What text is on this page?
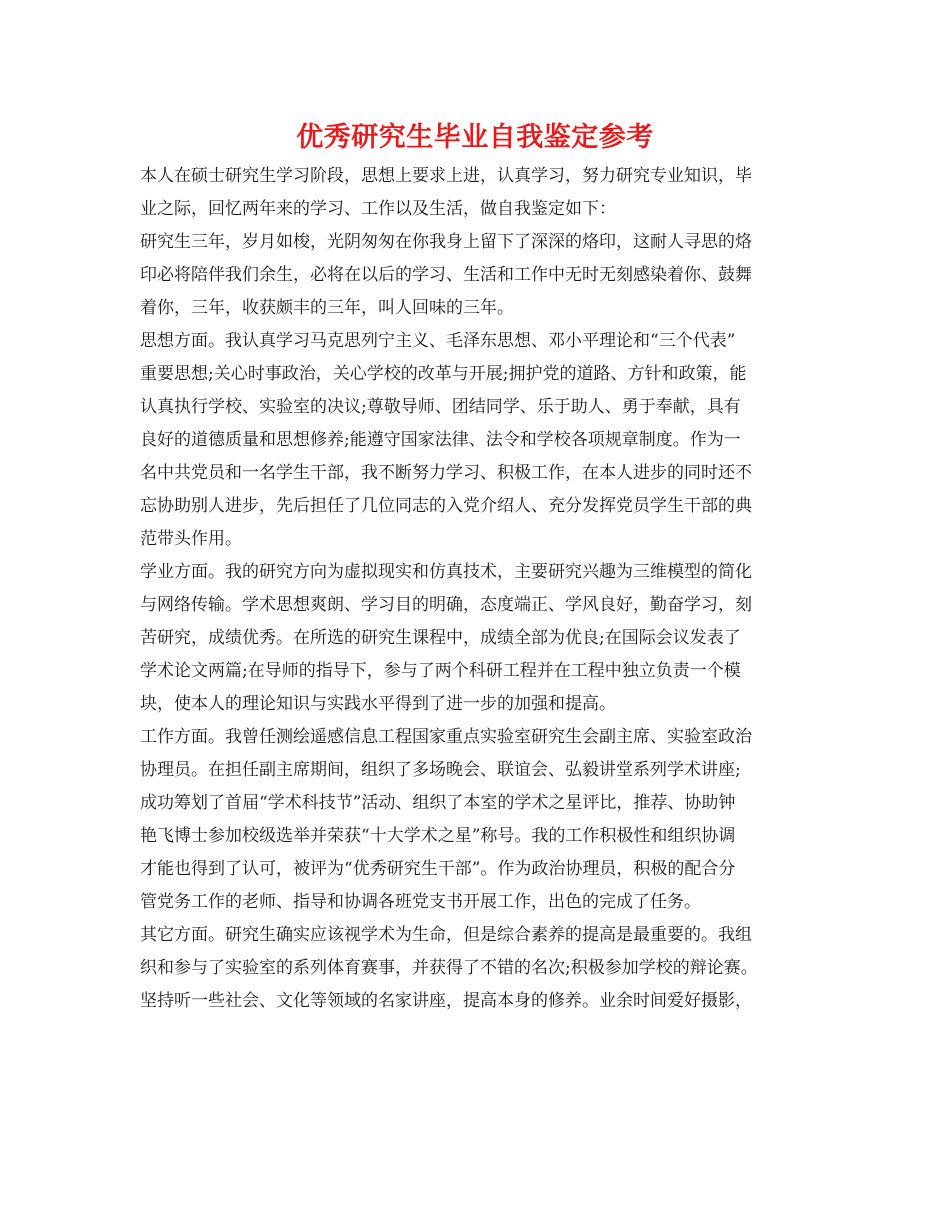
优秀研究生毕业自我鉴定参考
本人在硕士研究生学习阶段，思想上要求上进，认真学习，努力研究专业知识，毕
业之际，回忆两年来的学习、工作以及生活，做自我鉴定如下：
研究生三年，岁月如梭，光阴匆匆在你我身上留下了深深的烙印，这耐人寻思的烙
印必将陪伴我们余生，必将在以后的学习、生活和工作中无时无刻感染着你、鼓舞
着你，三年，收获颇丰的三年，叫人回味的三年。
思想方面。我认真学习马克思列宁主义、毛泽东思想、邓小平理论和“三个代表”
重要思想;关心时事政治，关心学校的改革与开展;拥护党的道路、方针和政策，能
认真执行学校、实验室的决议;尊敬导师、团结同学、乐于助人、勇于奉献，具有
良好的道德质量和思想修养;能遵守国家法律、法令和学校各项规章制度。作为一
名中共党员和一名学生干部，我不断努力学习、积极工作，在本人进步的同时还不
忘协助别人进步，先后担任了几位同志的入党介绍人、充分发挥党员学生干部的典
范带头作用。
学业方面。我的研究方向为虚拟现实和仿真技术，主要研究兴趣为三维模型的简化
与网络传输。学术思想爽朗、学习目的明确，态度端正、学风良好，勤奋学习，刻
苦研究，成绩优秀。在所选的研究生课程中，成绩全部为优良;在国际会议发表了
学术论文两篇;在导师的指导下，参与了两个科研工程并在工程中独立负责一个模
块，使本人的理论知识与实践水平得到了进一步的加强和提高。
工作方面。我曾任测绘遥感信息工程国家重点实验室研究生会副主席、实验室政治
协理员。在担任副主席期间，组织了多场晚会、联谊会、弘毅讲堂系列学术讲座;
成功筹划了首届“学术科技节”活动、组织了本室的学术之星评比，推荐、协助钟
艳飞博士参加校级选举并荣获“十大学术之星”称号。我的工作积极性和组织协调
才能也得到了认可，被评为“优秀研究生干部”。作为政治协理员，积极的配合分
管党务工作的老师、指导和协调各班党支书开展工作，出色的完成了任务。
其它方面。研究生确实应该视学术为生命，但是综合素养的提高是最重要的。我组
织和参与了实验室的系列体育赛事，并获得了不错的名次;积极参加学校的辩论赛。
坚持听一些社会、文化等领域的名家讲座，提高本身的修养。业余时间爱好摄影，
